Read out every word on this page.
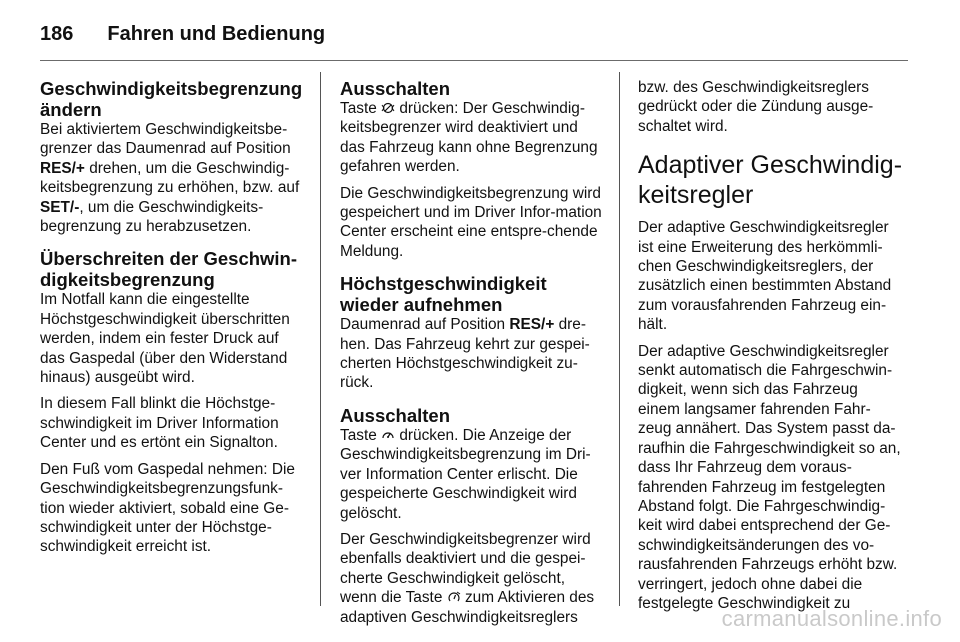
186 Fahren und Bedienung
Geschwindigkeitsbegrenzung ändern

Bei aktiviertem Geschwindigkeitsbe-grenzer das Daumenrad auf Position RES/+ drehen, um die Geschwindig-keitsbegrenzung zu erhöhen, bzw. auf SET/-, um die Geschwindigkeits-begrenzung zu herabzusetzen.

Überschreiten der Geschwin-digkeitsbegrenzung

Im Notfall kann die eingestellte Höchstgeschwindigkeit überschritten werden, indem ein fester Druck auf das Gaspedal (über den Widerstand hinaus) ausgeübt wird.

In diesem Fall blinkt die Höchstge-schwindigkeit im Driver Information Center und es ertönt ein Signalton.

Den Fuß vom Gaspedal nehmen: Die Geschwindigkeitsbegrenzungsfunk-tion wieder aktiviert, sobald eine Ge-schwindigkeit unter der Höchstge-schwindigkeit erreicht ist.

Ausschalten

Taste  drücken: Der Geschwindig-keitsbegrenzer wird deaktiviert und das Fahrzeug kann ohne Begrenzung gefahren werden.

Die Geschwindigkeitsbegrenzung wird gespeichert und im Driver Infor-mation Center erscheint eine entspre-chende Meldung.

Höchstgeschwindigkeit wieder aufnehmen

Daumenrad auf Position RES/+ dre-hen. Das Fahrzeug kehrt zur gespei-cherten Höchstgeschwindigkeit zu-rück.

Ausschalten

Taste  drücken. Die Anzeige der Geschwindigkeitsbegrenzung im Dri-ver Information Center erlischt. Die gespeicherte Geschwindigkeit wird gelöscht.

Der Geschwindigkeitsbegrenzer wird ebenfalls deaktiviert und die gespei-cherte Geschwindigkeit gelöscht, wenn die Taste  zum Aktivieren des adaptiven Geschwindigkeitsreglers

bzw. des Geschwindigkeitsreglers gedrückt oder die Zündung ausge-schaltet wird.

Adaptiver Geschwindig-keitsregler

Der adaptive Geschwindigkeitsregler ist eine Erweiterung des herkömmli-chen Geschwindigkeitsreglers, der zusätzlich einen bestimmten Abstand zum vorausfahrenden Fahrzeug ein-hält.

Der adaptive Geschwindigkeitsregler senkt automatisch die Fahrgeschwin-digkeit, wenn sich das Fahrzeug einem langsamer fahrenden Fahr-zeug annähert. Das System passt da-raufhin die Fahrgeschwindigkeit so an, dass Ihr Fahrzeug dem voraus-fahrenden Fahrzeug im festgelegten Abstand folgt. Die Fahrgeschwindig-keit wird dabei entsprechend der Ge-schwindigkeitsänderungen des vo-rausfahrenden Fahrzeugs erhöht bzw. verringert, jedoch ohne dabei die festgelegte Geschwindigkeit zu

carmanualsonline.info
